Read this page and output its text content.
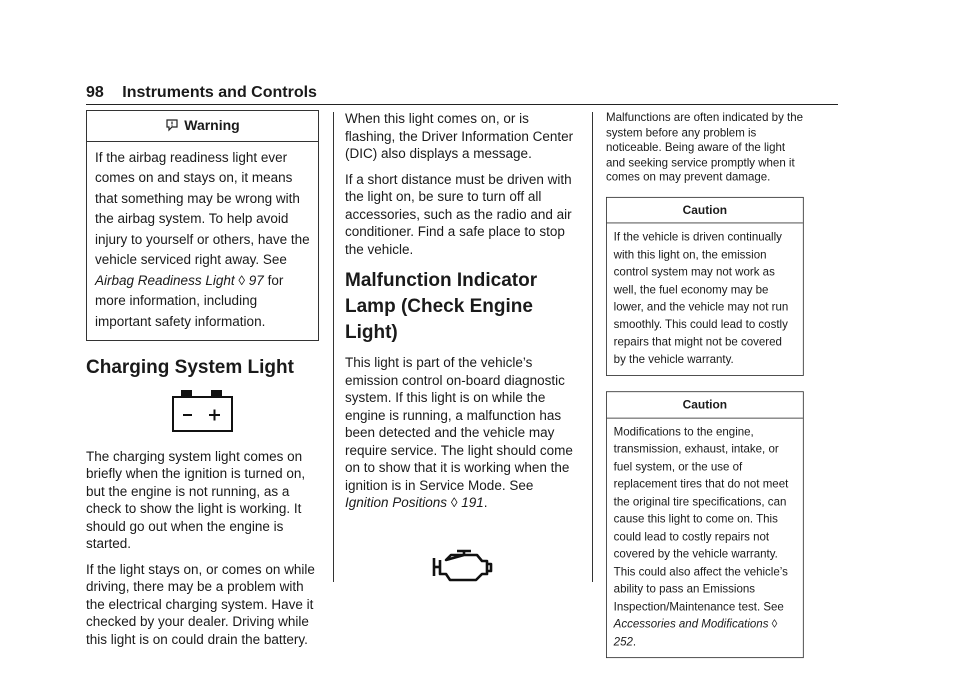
98 Instruments and Controls
Warning
If the airbag readiness light ever comes on and stays on, it means that something may be wrong with the airbag system. To help avoid injury to yourself or others, have the vehicle serviced right away. See Airbag Readiness Light ◊ 97 for more information, including important safety information.
Charging System Light

The charging system light comes on briefly when the ignition is turned on, but the engine is not running, as a check to show the light is working. It should go out when the engine is started.

If the light stays on, or comes on while driving, there may be a problem with the electrical charging system. Have it checked by your dealer. Driving while this light is on could drain the battery.

When this light comes on, or is flashing, the Driver Information Center (DIC) also displays a message.

If a short distance must be driven with the light on, be sure to turn off all accessories, such as the radio and air conditioner. Find a safe place to stop the vehicle.

Malfunction Indicator Lamp (Check Engine Light)

This light is part of the vehicle’s emission control on-board diagnostic system. If this light is on while the engine is running, a malfunction has been detected and the vehicle may require service. The light should come on to show that it is working when the ignition is in Service Mode. See Ignition Positions ◊ 191.

Malfunctions are often indicated by the system before any problem is noticeable. Being aware of the light and seeking service promptly when it comes on may prevent damage.

Caution
If the vehicle is driven continually with this light on, the emission control system may not work as well, the fuel economy may be lower, and the vehicle may not run smoothly. This could lead to costly repairs that might not be covered by the vehicle warranty.
Caution
Modifications to the engine, transmission, exhaust, intake, or fuel system, or the use of replacement tires that do not meet the original tire specifications, can cause this light to come on. This could lead to costly repairs not covered by the vehicle warranty. This could also affect the vehicle’s ability to pass an Emissions Inspection/Maintenance test. See Accessories and Modifications ◊ 252.
